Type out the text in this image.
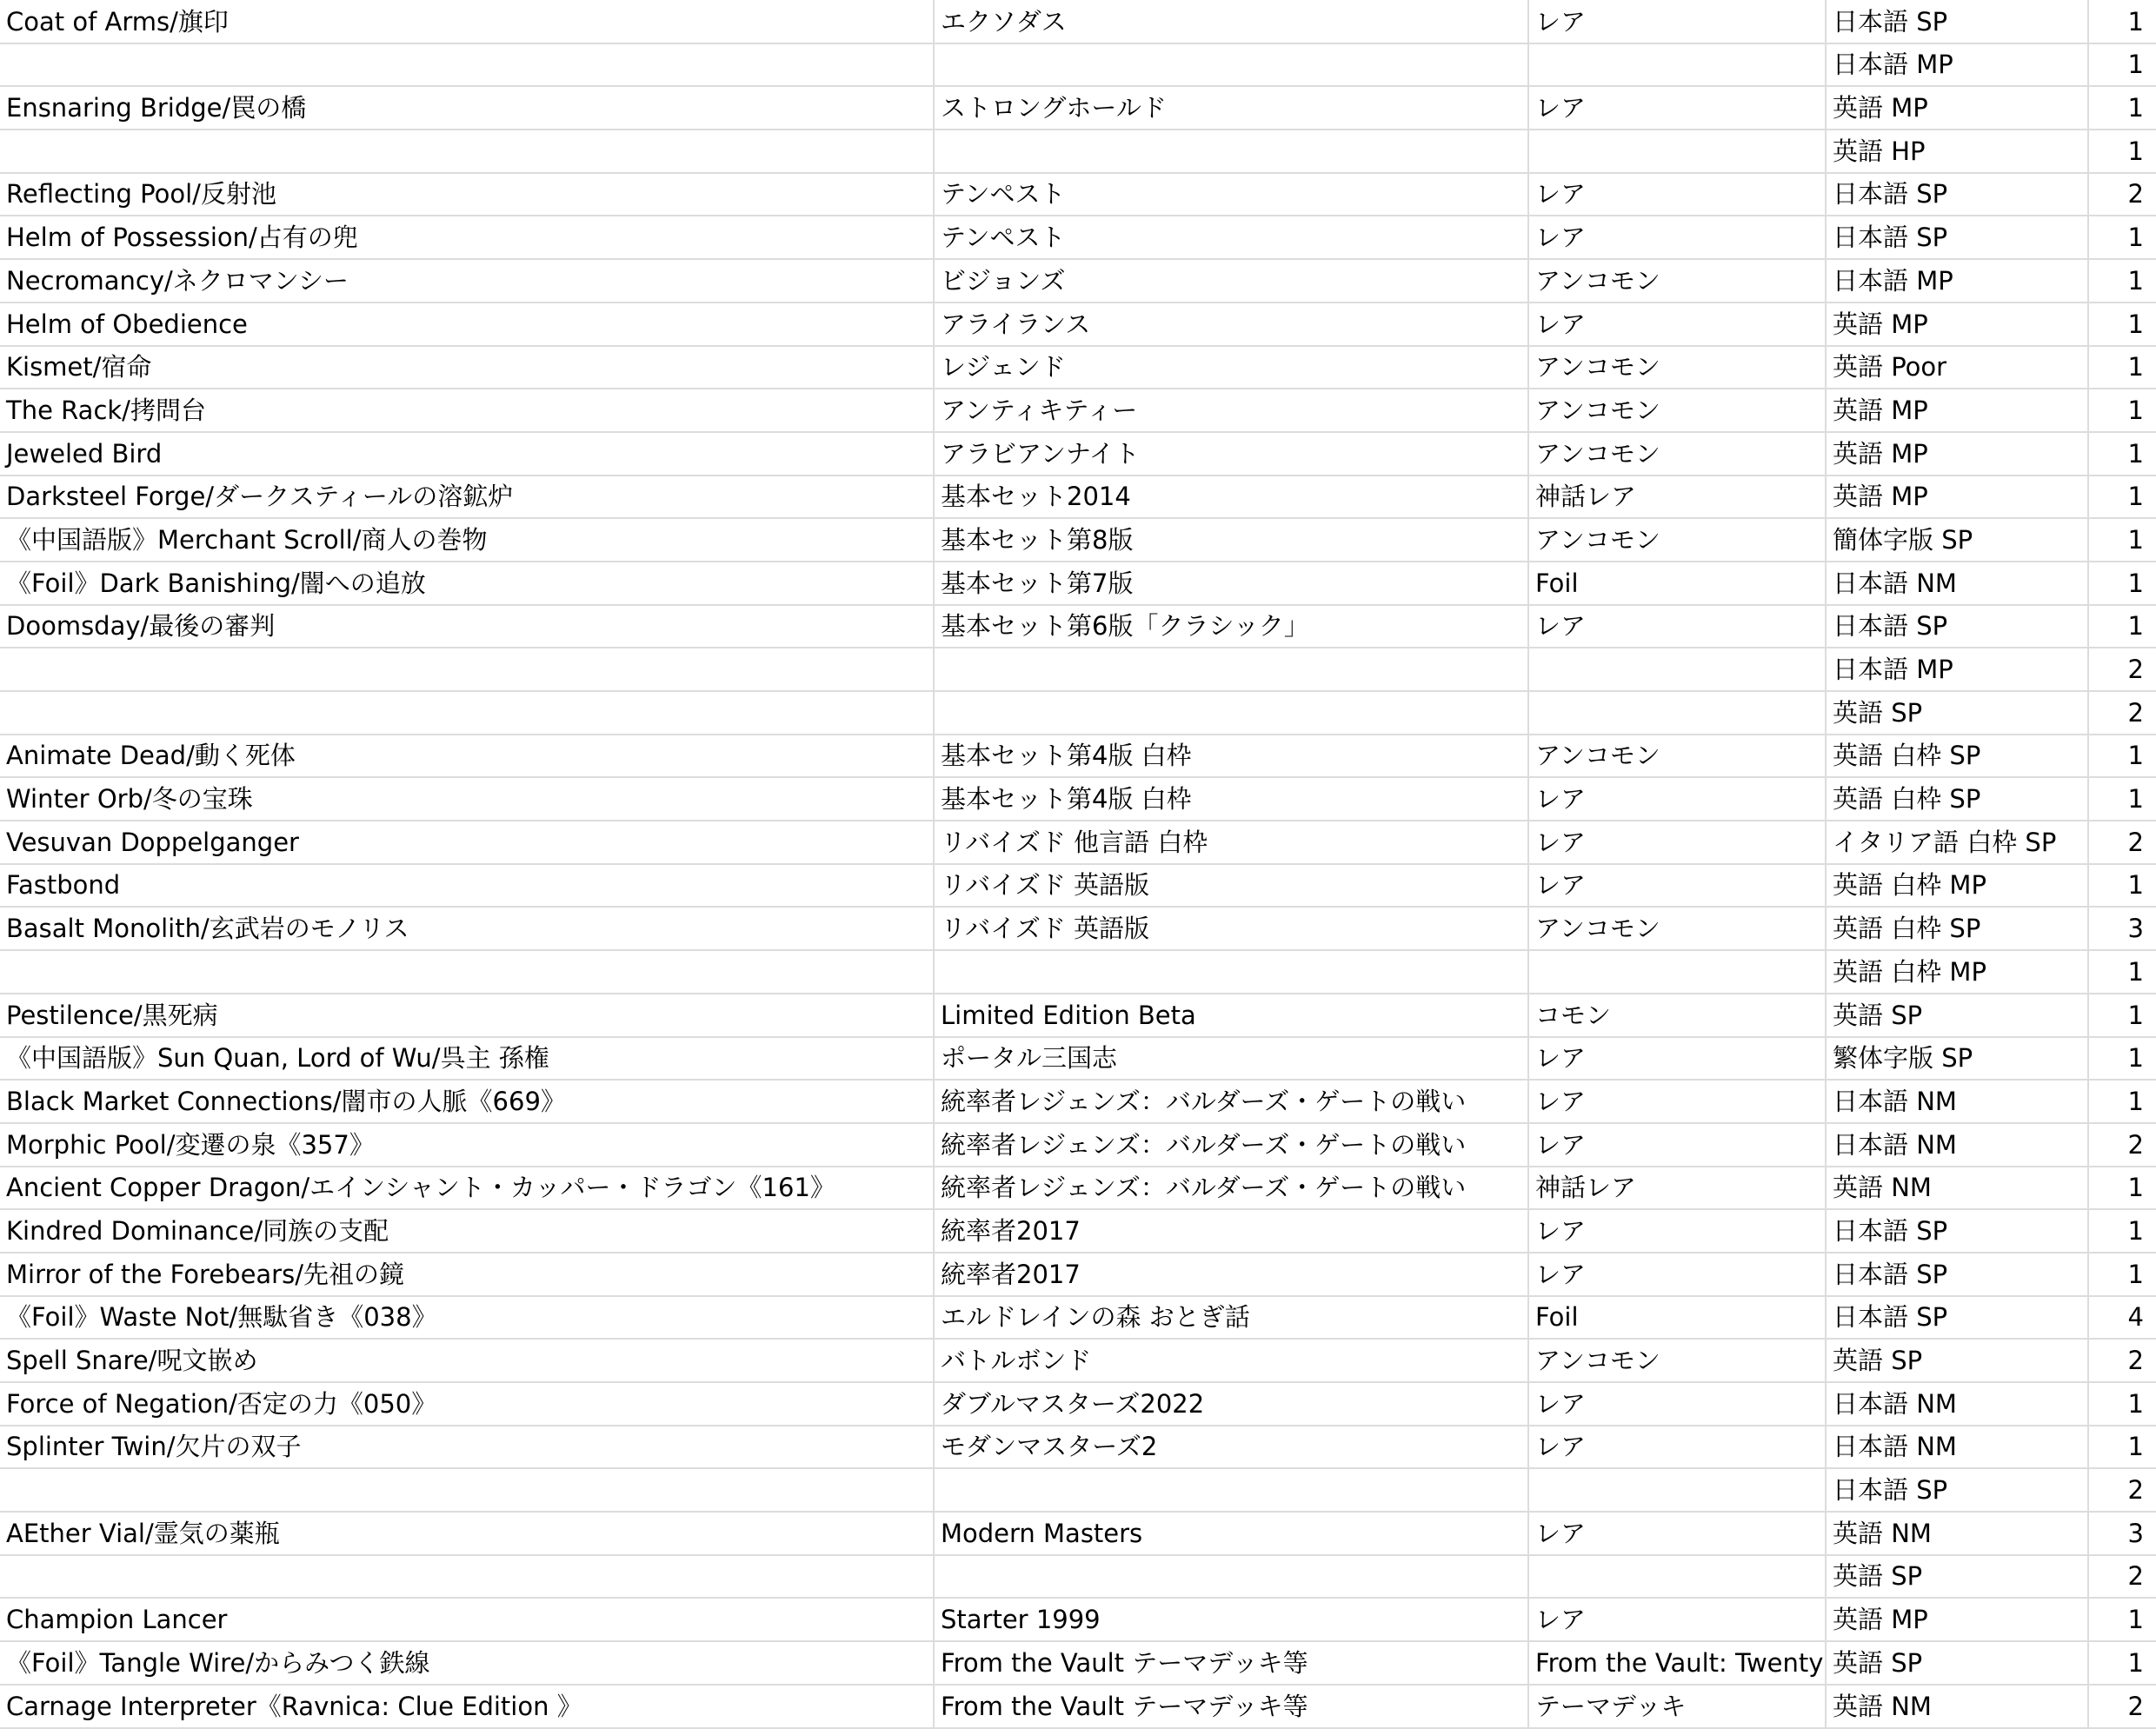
Coat of Arms/旗印	エクソダス	レア	日本語 SP	1
			日本語 MP	1
Ensnaring Bridge/罠の橋	ストロングホールド	レア	英語 MP	1
			英語 HP	1
Reflecting Pool/反射池	テンペスト	レア	日本語 SP	2
Helm of Possession/占有の兜	テンペスト	レア	日本語 SP	1
Necromancy/ネクロマンシー	ビジョンズ	アンコモン	日本語 MP	1
Helm of Obedience	アライランス	レア	英語 MP	1
Kismet/宿命	レジェンド	アンコモン	英語 Poor	1
The Rack/拷問台	アンティキティー	アンコモン	英語 MP	1
Jeweled Bird	アラビアンナイト	アンコモン	英語 MP	1
Darksteel Forge/ダークスティールの溶鉱炉	基本セット2014	神話レア	英語 MP	1
《中国語版》Merchant Scroll/商人の巻物	基本セット第8版	アンコモン	簡体字版 SP	1
《Foil》Dark Banishing/闇への追放	基本セット第7版	Foil	日本語 NM	1
Doomsday/最後の審判	基本セット第6版「クラシック」	レア	日本語 SP	1
			日本語 MP	2
			英語 SP	2
Animate Dead/動く死体	基本セット第4版 白枠	アンコモン	英語 白枠 SP	1
Winter Orb/冬の宝珠	基本セット第4版 白枠	レア	英語 白枠 SP	1
Vesuvan Doppelganger	リバイズド 他言語 白枠	レア	イタリア語 白枠 SP	2
Fastbond	リバイズド 英語版	レア	英語 白枠 MP	1
Basalt Monolith/玄武岩のモノリス	リバイズド 英語版	アンコモン	英語 白枠 SP	3
			英語 白枠 MP	1
Pestilence/黒死病	Limited Edition Beta	コモン	英語 SP	1
《中国語版》Sun Quan, Lord of Wu/呉主 孫権	ポータル三国志	レア	繁体字版 SP	1
Black Market Connections/闇市の人脈《669》	統率者レジェンズ：バルダーズ・ゲートの戦い	レア	日本語 NM	1
Morphic Pool/変遷の泉《357》	統率者レジェンズ：バルダーズ・ゲートの戦い	レア	日本語 NM	2
Ancient Copper Dragon/エインシャント・カッパー・ドラゴン《161》	統率者レジェンズ：バルダーズ・ゲートの戦い	神話レア	英語 NM	1
Kindred Dominance/同族の支配	統率者2017	レア	日本語 SP	1
Mirror of the Forebears/先祖の鏡	統率者2017	レア	日本語 SP	1
《Foil》Waste Not/無駄省き《038》	エルドレインの森 おとぎ話	Foil	日本語 SP	4
Spell Snare/呪文嵌め	バトルボンド	アンコモン	英語 SP	2
Force of Negation/否定の力《050》	ダブルマスターズ2022	レア	日本語 NM	1
Splinter Twin/欠片の双子	モダンマスターズ2	レア	日本語 NM	1
			日本語 SP	2
AEther Vial/霊気の薬瓶	Modern Masters	レア	英語 NM	3
			英語 SP	2
Champion Lancer	Starter 1999	レア	英語 MP	1
《Foil》Tangle Wire/からみつく鉄線	From the Vault テーマデッキ等	From the Vault: Twenty	英語 SP	1
Carnage Interpreter《Ravnica: Clue Edition 》	From the Vault テーマデッキ等	テーマデッキ	英語 NM	2
